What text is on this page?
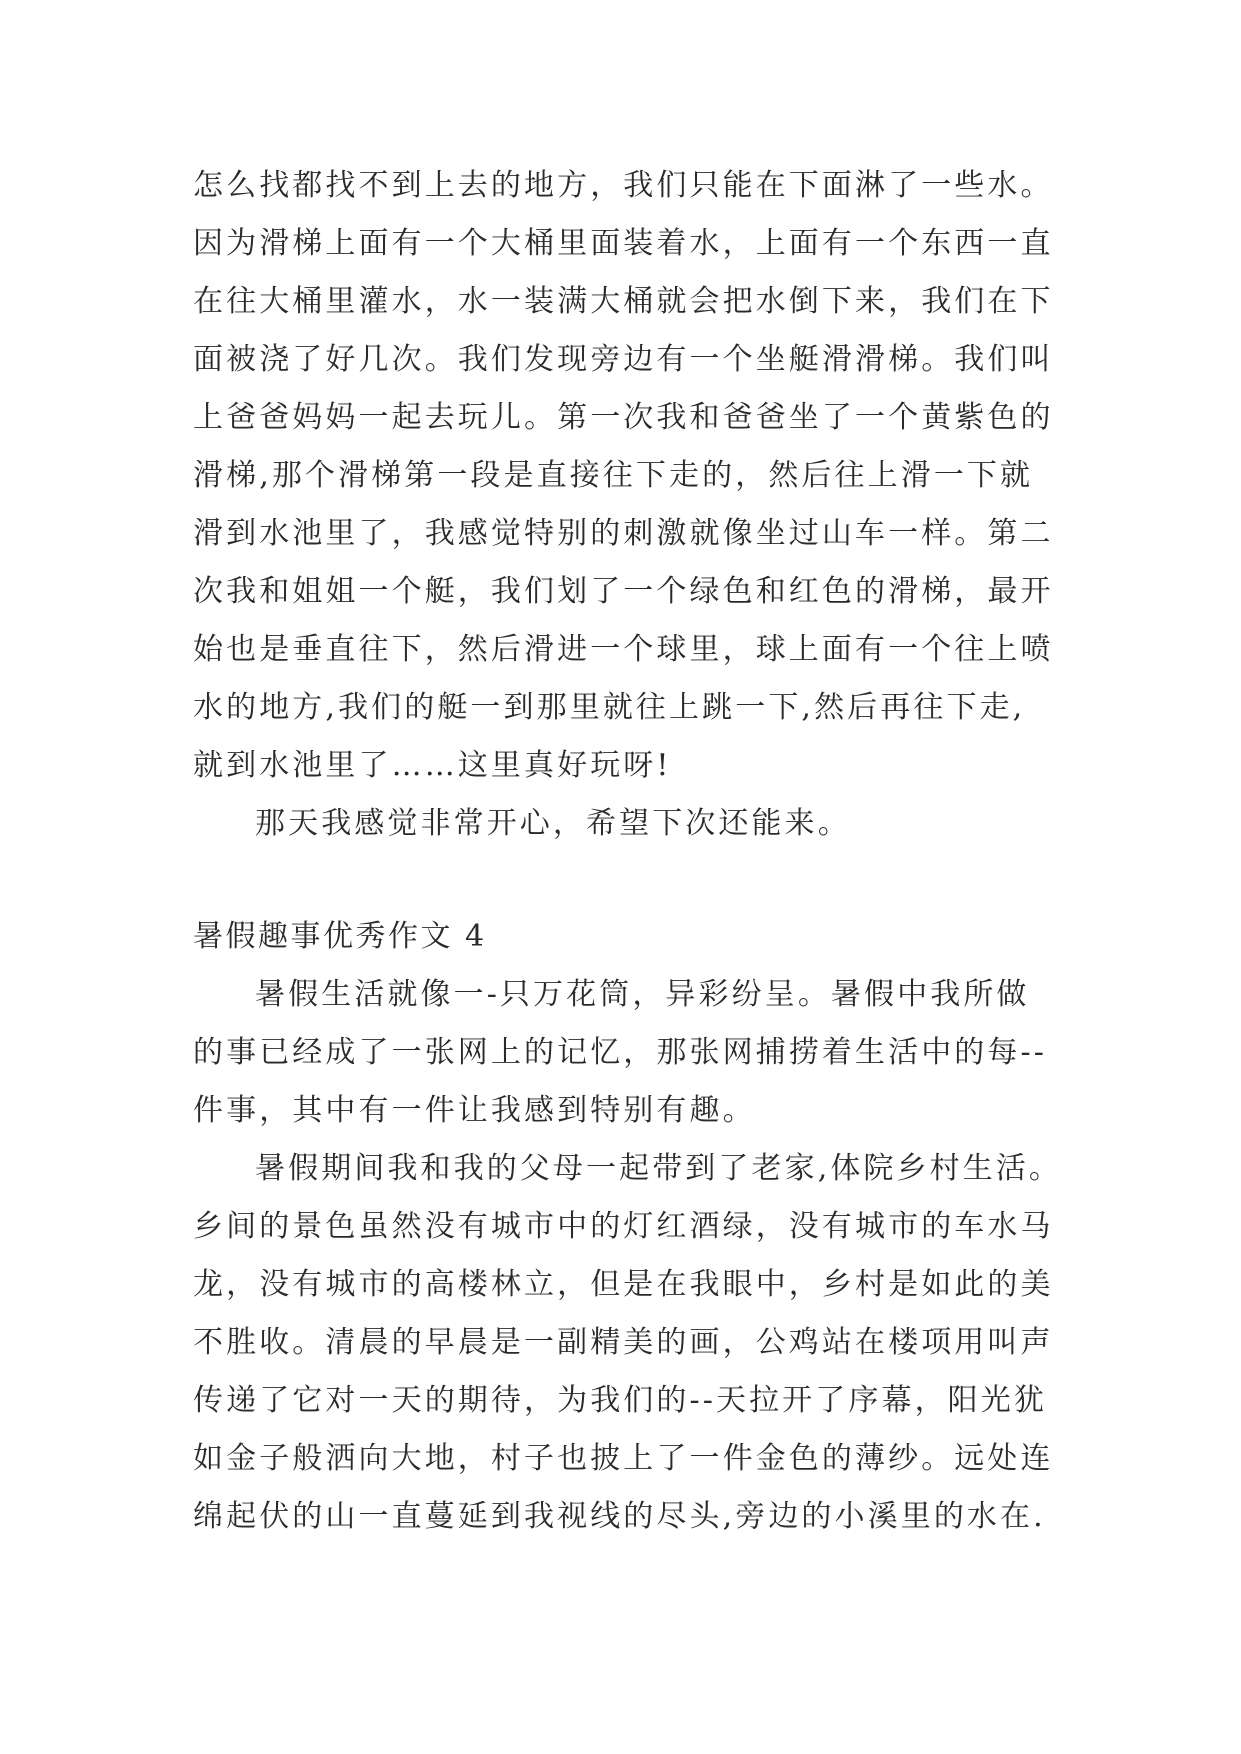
怎么找都找不到上去的地方，我们只能在下面淋了一些水。
因为滑梯上面有一个大桶里面装着水，上面有一个东西一直
在往大桶里灌水，水一装满大桶就会把水倒下来，我们在下
面被浇了好几次。我们发现旁边有一个坐艇滑滑梯。我们叫
上爸爸妈妈一起去玩儿。第一次我和爸爸坐了一个黄紫色的
滑梯,那个滑梯第一段是直接往下走的，然后往上滑一下就
滑到水池里了，我感觉特别的刺激就像坐过山车一样。第二
次我和姐姐一个艇，我们划了一个绿色和红色的滑梯，最开
始也是垂直往下，然后滑进一个球里，球上面有一个往上喷
水的地方,我们的艇一到那里就往上跳一下,然后再往下走,
就到水池里了……这里真好玩呀!
那天我感觉非常开心，希望下次还能来。
暑假趣事优秀作文 4
暑假生活就像一-只万花筒，异彩纷呈。暑假中我所做
的事已经成了一张网上的记忆，那张网捕捞着生活中的每--
件事，其中有一件让我感到特别有趣。
暑假期间我和我的父母一起带到了老家,体院乡村生活。
乡间的景色虽然没有城市中的灯红酒绿，没有城市的车水马
龙，没有城市的高楼林立，但是在我眼中，乡村是如此的美
不胜收。清晨的早晨是一副精美的画，公鸡站在楼项用叫声
传递了它对一天的期待，为我们的--天拉开了序幕，阳光犹
如金子般洒向大地，村子也披上了一件金色的薄纱。远处连
绵起伏的山一直蔓延到我视线的尽头,旁边的小溪里的水在.
